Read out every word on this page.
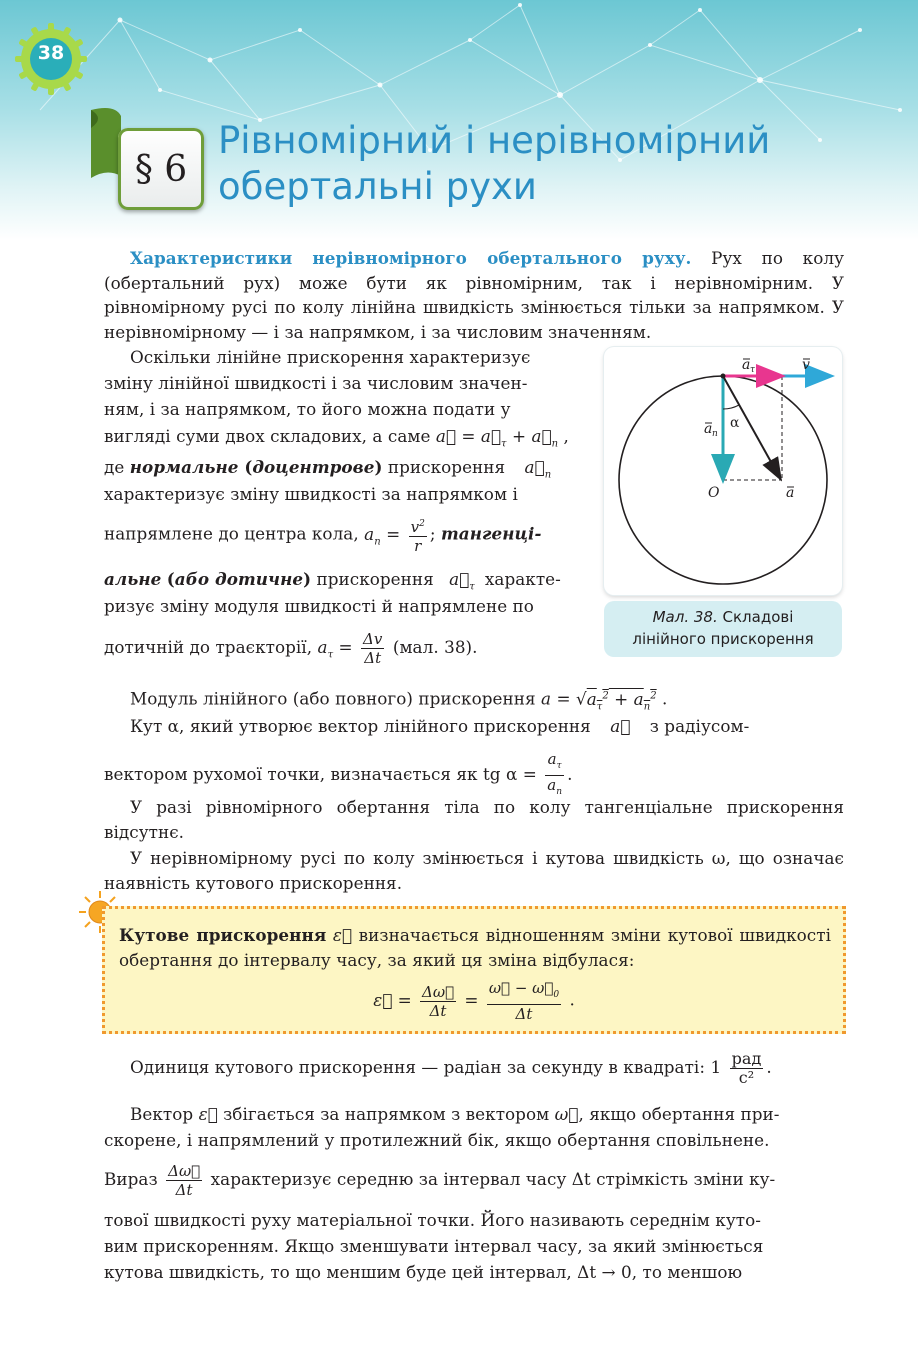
38
§ 6
Рівномірний і нерівномірний
обертальні рухи

Характеристики нерівномірного обертального руху. Рух по колу (обертальний рух) може бути як рівномірним, так і нерівномірним. У рівномірному русі по колу лінійна швидкість змінюється тільки за напрямком. У нерівномірному — і за напрямком, і за числовим значенням.

Оскільки лінійне прискорення характеризує

зміну лінійної швидкості і за числовим значен-

ням, і за напрямком, то його можна подати у

вигляді суми двох складових, а саме a⃗ = $a⃗_\tau$ + $a⃗_n$ ,

де нормальне (доцентрове) прискорення $a⃗_n$

характеризує зміну швидкості за напрямком і

напрямлене до центра кола, $a_n = \frac{v^2}{r}$ ; тангенці-

альне (або дотичне) прискорення $a⃗_\tau$ характе-

ризує зміну модуля швидкості й напрямлене по

дотичній до траєкторії, $a_\tau = \frac{\Delta v}{\Delta t} (мал$. 38).

a τ	v
a n
a
O
α
Мал. 38. Складові
лінійного прискорення

Модуль лінійного (або повного) прискорення $a = √a_\tau^2 + a_n^2$ .

Кут α, який утворює вектор лінійного прискорення a⃗ з радіусом-

вектором рухомої точки, визначається як tg $\alpha = \frac{a_\tau}{a_n}$ .

У разі рівномірного обертання тіла по колу тангенціальне прискорення відсутнє.

У нерівномірному русі по колу змінюється і кутова швидкість ω, що означає наявність кутового прискорення.

Кутове прискорення ε⃗ визначається відношенням зміни кутової швидкості обертання до інтервалу часу, за який ця зміна відбулася:

ε⃗ = $\frac{\Delta\omega⃗}{\Delta t} = \frac{\omega⃗ - \omega⃗_0}{\Delta t}$ .

Одиниця кутового прискорення — радіан за секунду в квадраті: $1 \frac{\text{рад}}{\text{с²}}$ .

Вектор ε⃗ збігається за напрямком з вектором ω⃗, якщо обертання при-

скорене, і напрямлений у протилежний бік, якщо обертання сповільнене.

Вираз $\frac{\Delta\omega⃗}{\Delta t}$ характеризує середню за інтервал часу Δt стрімкість зміни ку-

тової швидкості руху матеріальної точки. Його називають середнім куто-

вим прискоренням. Якщо зменшувати інтервал часу, за який змінюється

кутова швидкість, то що меншим буде цей інтервал, Δt → 0, то меншою
